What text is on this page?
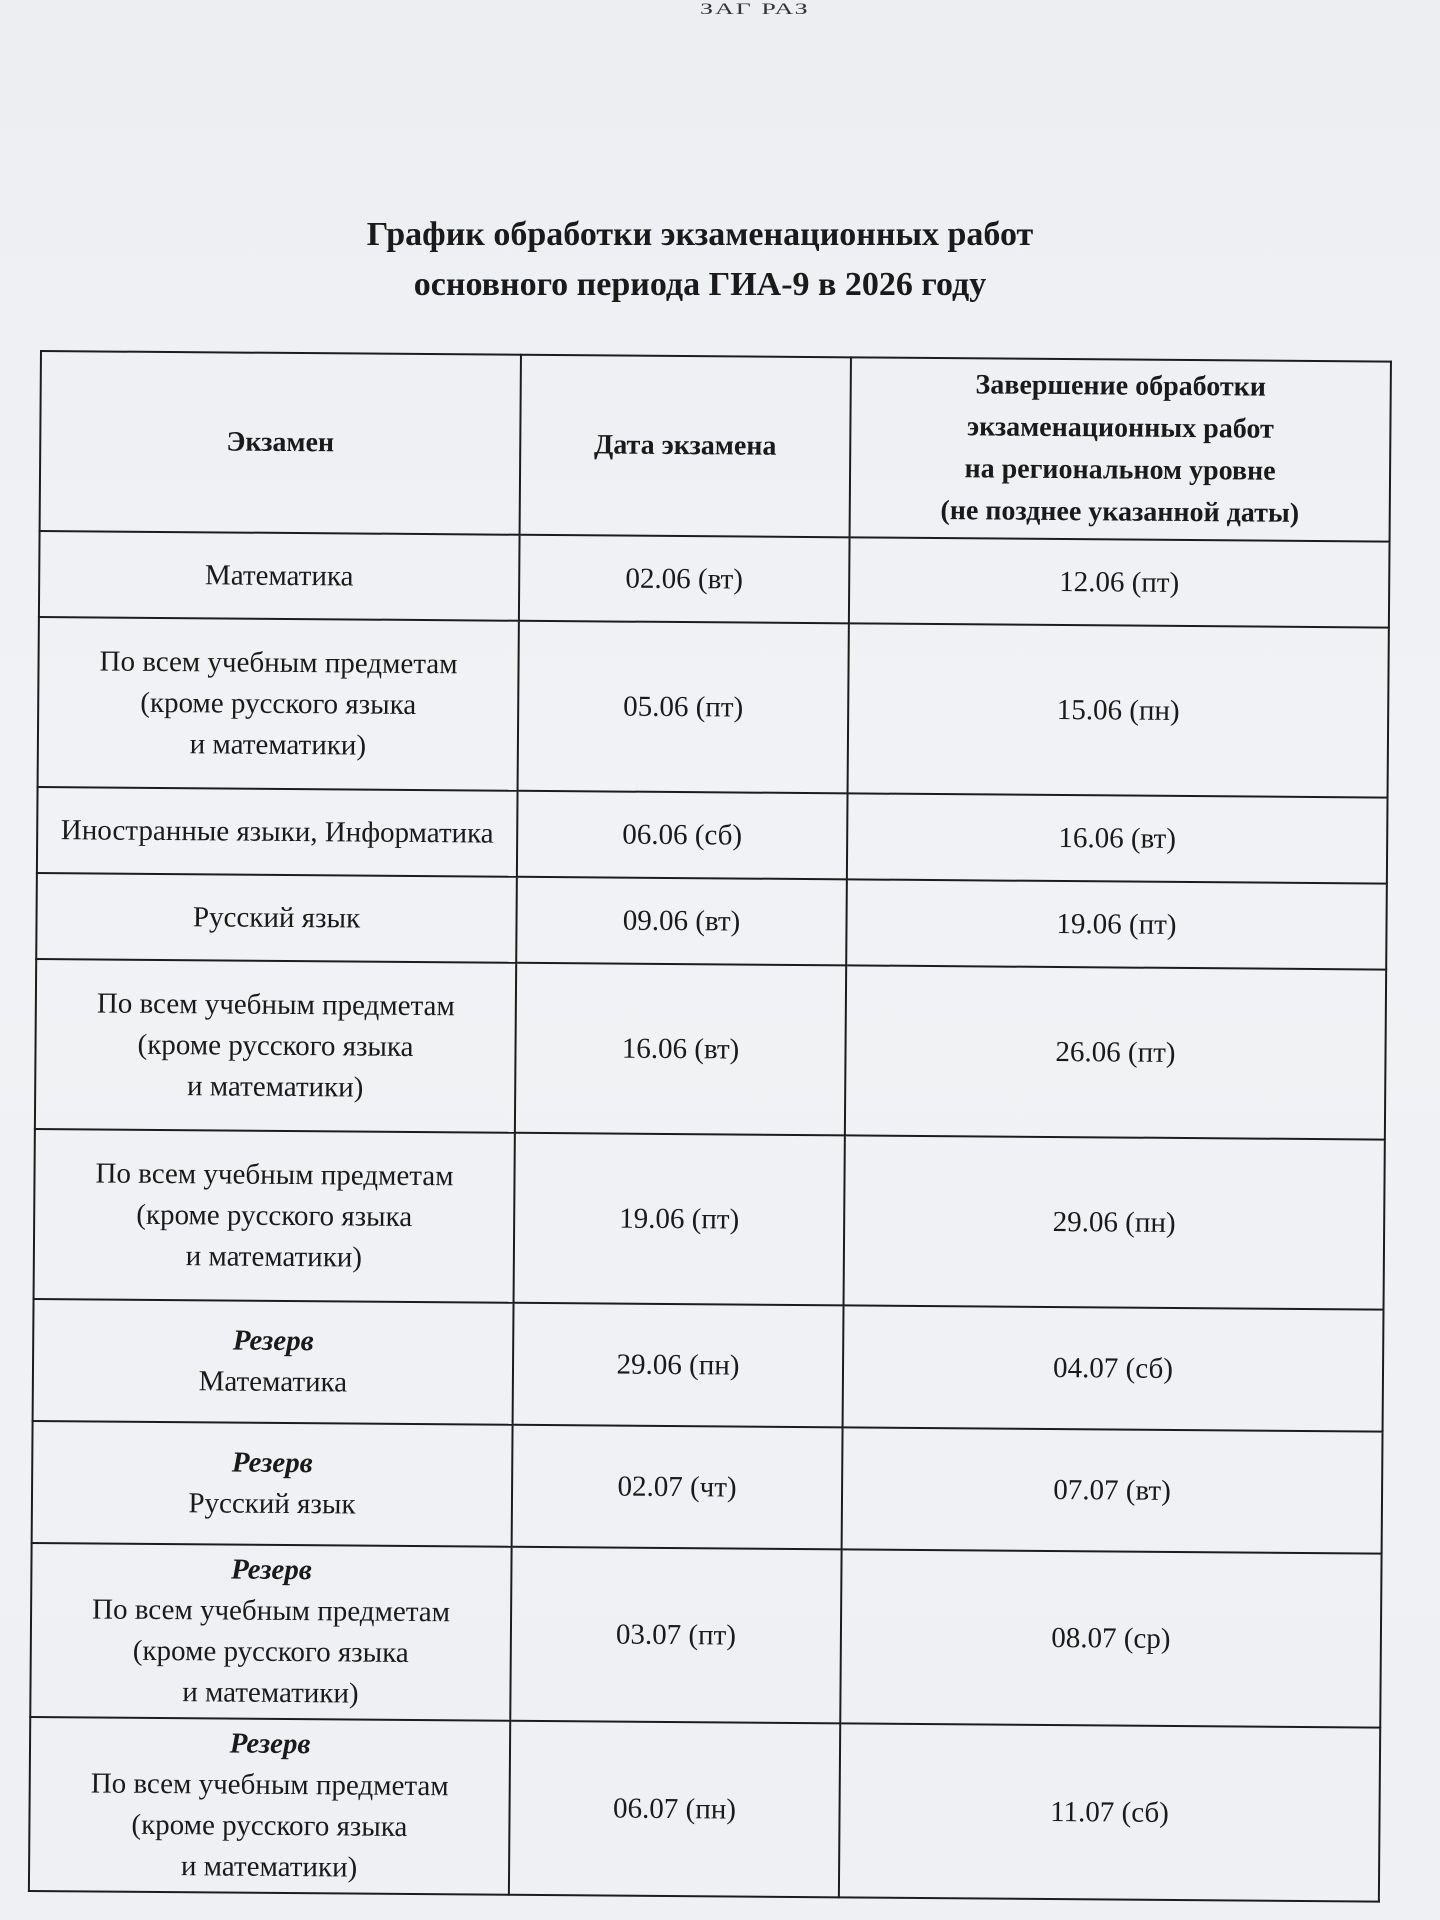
ЗАГ РАЗ
График обработки экзаменационных работ
основного периода ГИА-9 в 2026 году
Экзамен	Дата экзамена	Завершение обработки
экзаменационных работ
на региональном уровне
(не позднее указанной даты)

Математика	02.06 (вт)	12.06 (пт)

По всем учебным предметам
(кроме русского языка
и математики)	05.06 (пт)	15.06 (пн)

Иностранные языки, Информатика	06.06 (сб)	16.06 (вт)

Русский язык	09.06 (вт)	19.06 (пт)

По всем учебным предметам
(кроме русского языка
и математики)	16.06 (вт)	26.06 (пт)

По всем учебным предметам
(кроме русского языка
и математики)	19.06 (пт)	29.06 (пн)

Резерв
Математика	29.06 (пн)	04.07 (сб)

Резерв
Русский язык	02.07 (чт)	07.07 (вт)

Резерв
По всем учебным предметам
(кроме русского языка
и математики)	03.07 (пт)	08.07 (ср)

Резерв
По всем учебным предметам
(кроме русского языка
и математики)	06.07 (пн)	11.07 (сб)
